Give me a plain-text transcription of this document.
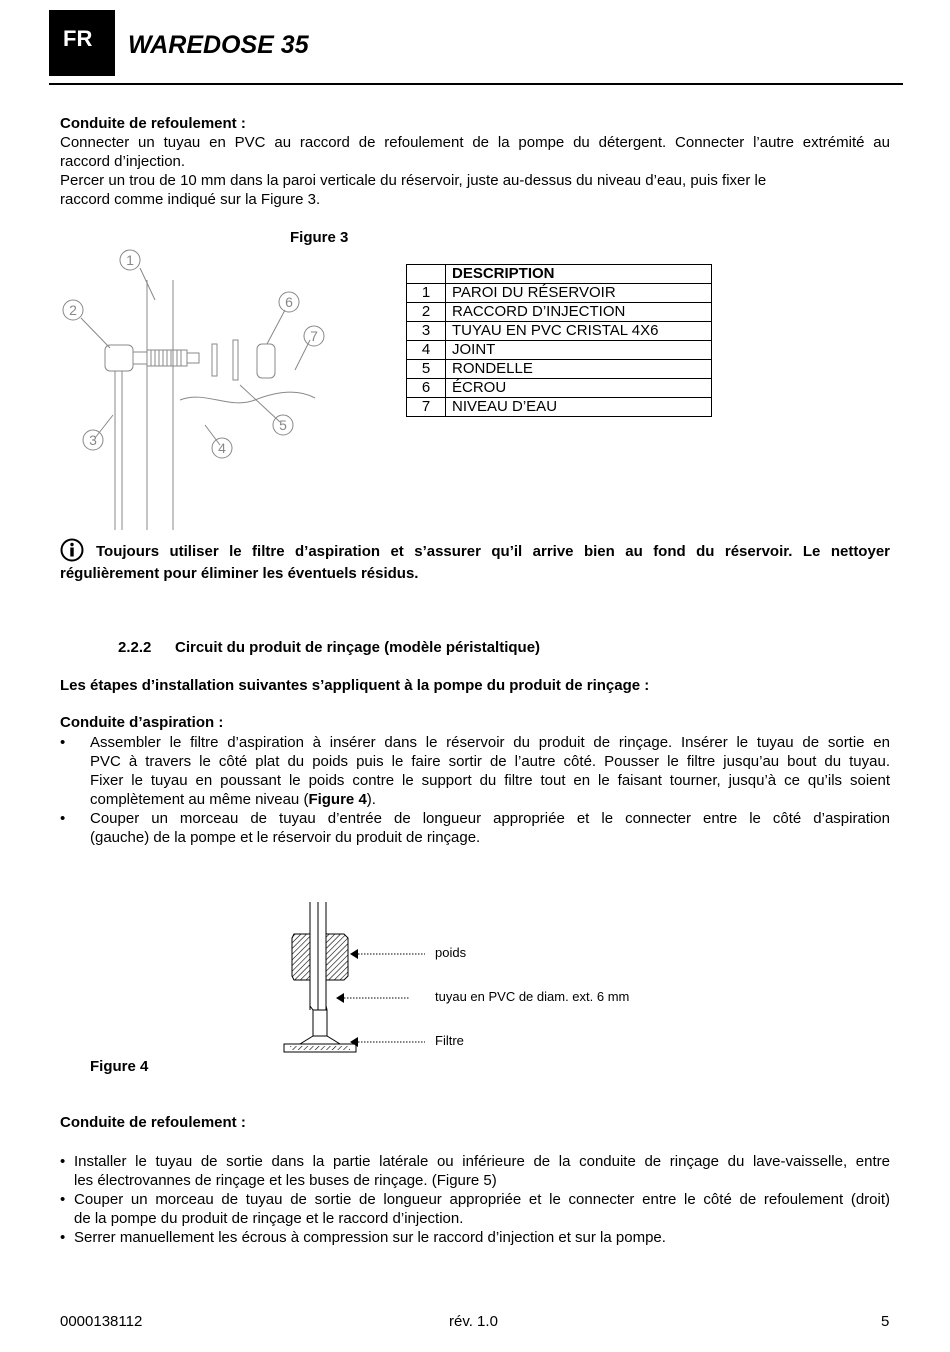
FR	WAREDOSE 35
Conduite de refoulement :
Connecter un tuyau en PVC au raccord de refoulement de la pompe du détergent. Connecter l’autre extrémité au
raccord d’injection.
Percer un trou de 10 mm dans la paroi verticale du réservoir, juste au-dessus du niveau d’eau, puis fixer le
raccord comme indiqué sur la Figure 3.
Figure 3
1
2
3	4
5
6
7
	DESCRIPTION
1	PAROI DU RÉSERVOIR
2	RACCORD D’INJECTION
3	TUYAU EN PVC CRISTAL 4X6
4	JOINT
5	RONDELLE
6	ÉCROU
7	NIVEAU D’EAU
Toujours utiliser le filtre d’aspiration et s’assurer qu’il arrive bien au fond du réservoir. Le nettoyer
régulièrement pour éliminer les éventuels résidus.
2.2.2 Circuit du produit de rinçage (modèle péristaltique)
Les étapes d’installation suivantes s’appliquent à la pompe du produit de rinçage :
Conduite d’aspiration :
• Assembler le filtre d’aspiration à insérer dans le réservoir du produit de rinçage. Insérer le tuyau de sortie en
PVC à travers le côté plat du poids puis le faire sortir de l’autre côté. Pousser le filtre jusqu’au bout du tuyau.
Fixer le tuyau en poussant le poids contre le support du filtre tout en le faisant tourner, jusqu’à ce qu’ils soient
complètement au même niveau (Figure 4).
• Couper un morceau de tuyau d’entrée de longueur appropriée et le connecter entre le côté d’aspiration
(gauche) de la pompe et le réservoir du produit de rinçage.
poids
tuyau en PVC de diam. ext. 6 mm
Filtre
Figure 4
Conduite de refoulement :
• Installer le tuyau de sortie dans la partie latérale ou inférieure de la conduite de rinçage du lave-vaisselle, entre
les électrovannes de rinçage et les buses de rinçage. (Figure 5)
• Couper un morceau de tuyau de sortie de longueur appropriée et le connecter entre le côté de refoulement (droit)
de la pompe du produit de rinçage et le raccord d’injection.
• Serrer manuellement les écrous à compression sur le raccord d’injection et sur la pompe.
0000138112	rév. 1.0	5
